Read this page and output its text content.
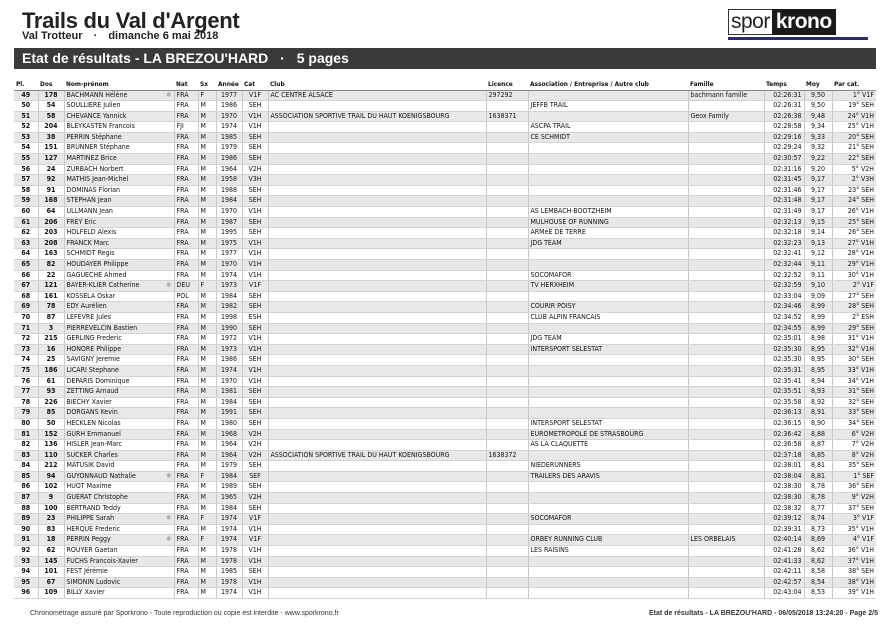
Trails du Val d'Argent
Val Trotteur · dimanche 6 mai 2018
spor krono
Etat de résultats - LA BREZOU'HARD · 5 pages
Pl.	Dos	Nom-prénom	Nat	Sx	Année	Cat	Club	Licence	Association / Entreprise / Autre club	Famille	Temps	Moy	Par cat.
49	178	BACHMANN Hélène ✱	FRA	F	1977	V1F	AC CENTRE ALSACE	297292		bachmann famille	02:26:31	9,50	1° V1F
50	54	SOULLIERE Julien	FRA	M	1986	SEH			JEFFB TRAIL		02:26:31	9,50	19° SEH
51	58	CHEVANCE Yannick	FRA	M	1970	V1H	ASSOCIATION SPORTIVE TRAIL DU HAUT KOENIGSBOURG	1638371		Geox Family	02:26:38	9,48	24° V1H
52	204	BLEYKASTEN Francois	FJI	M	1974	V1H			ASCPA TRAIL		02:28:58	9,34	25° V1H
53	38	PERRIN Stéphane	FRA	M	1985	SEH			CE SCHMIDT		02:29:16	9,33	20° SEH
54	151	BRUNNER Stéphane	FRA	M	1979	SEH					02:29:24	9,32	21° SEH
55	127	MARTINEZ Brice	FRA	M	1986	SEH					02:30:57	9,22	22° SEH
56	24	ZURBACH Norbert	FRA	M	1964	V2H					02:31:16	9,20	5° V2H
57	92	MATHIS Jean-Michel	FRA	M	1958	V3H					02:31:45	9,17	2° V3H
58	91	DOMINAS Florian	FRA	M	1988	SEH					02:31:46	9,17	23° SEH
59	168	STEPHAN Jean	FRA	M	1984	SEH					02:31:48	9,17	24° SEH
60	64	ULLMANN Jean	FRA	M	1970	V1H			AS LEMBACH-BOOTZHEIM		02:31:49	9,17	26° V1H
61	206	FREY Eric	FRA	M	1987	SEH			MULHOUSE OF RUNNING		02:32:13	9,15	25° SEH
62	203	HOLFELD Alexis	FRA	M	1995	SEH			ARMéE DE TERRE		02:32:18	9,14	26° SEH
63	208	FRANCK Marc	FRA	M	1975	V1H			JDG TEAM		02:32:23	9,13	27° V1H
64	163	SCHMIDT Regis	FRA	M	1977	V1H					02:32:41	9,12	28° V1H
65	82	HOUDAYER Philippe	FRA	M	1970	V1H					02:32:44	9,11	29° V1H
66	22	GAGUECHE Ahmed	FRA	M	1974	V1H			SOCOMAFOR		02:32:52	9,11	30° V1H
67	121	BAYER-KLIER Catherine ✱	DEU	F	1973	V1F			TV HERXHEIM		02:32:59	9,10	2° V1F
68	161	KOSSELA Oskar	POL	M	1984	SEH					02:33:04	9,09	27° SEH
69	78	EDY Aurélien	FRA	M	1982	SEH			COURIR POISY		02:34:46	8,99	28° SEH
70	87	LEFEVRE Jules	FRA	M	1998	ESH			CLUB ALPIN FRANCAIS		02:34:52	8,99	2° ESH
71	3	PIERREVELCIN Bastien	FRA	M	1990	SEH					02:34:55	8,99	29° SEH
72	215	GERLING Frederic	FRA	M	1972	V1H			JDG TEAM		02:35:01	8,98	31° V1H
73	16	HONORE Philippe	FRA	M	1973	V1H			INTERSPORT SELESTAT		02:35:30	8,95	32° V1H
74	25	SAVIGNY Jeremie	FRA	M	1986	SEH					02:35:30	8,95	30° SEH
75	186	LICARI Stephane	FRA	M	1974	V1H					02:35:31	8,95	33° V1H
76	61	DEPARIS Dominique	FRA	M	1970	V1H					02:35:41	8,94	34° V1H
77	93	ZETTING Arnaud	FRA	M	1981	SEH					02:35:51	8,93	31° SEH
78	226	BIECHY Xavier	FRA	M	1984	SEH					02:35:58	8,92	32° SEH
79	85	DORGANS Kevin	FRA	M	1991	SEH					02:36:13	8,91	33° SEH
80	50	HECKLEN Nicolas	FRA	M	1980	SEH			INTERSPORT SELESTAT		02:36:15	8,90	34° SEH
81	152	GURH Emmanuel	FRA	M	1968	V2H			EUROMETROPOLE DE STRASBOURG		02:36:42	8,88	6° V2H
82	136	HISLER Jean-Marc	FRA	M	1964	V2H			AS LA CLAQUETTE		02:36:58	8,87	7° V2H
83	110	SUCKER Charles	FRA	M	1964	V2H	ASSOCIATION SPORTIVE TRAIL DU HAUT KOENIGSBOURG	1638372			02:37:18	8,85	8° V2H
84	212	MATUSIK David	FRA	M	1979	SEH			NIEDERUNNERS		02:38:01	8,81	35° SEH
85	94	GUYONNAUD Nathalie ✱	FRA	F	1984	SEF			TRAILERS DES ARAVIS		02:38:04	8,81	1° SEF
86	102	HUOT Maxime	FRA	M	1989	SEH					02:38:30	8,78	36° SEH
87	9	GUERAT Christophe	FRA	M	1965	V2H					02:38:30	8,78	9° V2H
88	100	BERTRAND Teddy	FRA	M	1984	SEH					02:38:32	8,77	37° SEH
89	23	PHILIPPE Sarah ✱	FRA	F	1974	V1F			SOCOMAFOR		02:39:12	8,74	3° V1F
90	83	HERQUE Frederic	FRA	M	1974	V1H					02:39:31	8,73	35° V1H
91	18	PERRIN Peggy ✱	FRA	F	1974	V1F			ORBEY RUNNING CLUB	LES ORBELAIS	02:40:14	8,69	4° V1F
92	62	ROUYER Gaetan	FRA	M	1978	V1H			LES RAISINS		02:41:28	8,62	36° V1H
93	145	FUCHS Francois-Xavier	FRA	M	1978	V1H					02:41:33	8,62	37° V1H
94	101	FEST Jérémie	FRA	M	1985	SEH					02:42:11	8,58	38° SEH
95	67	SIMONIN Ludovic	FRA	M	1978	V1H					02:42:57	8,54	38° V1H
96	109	BILLY Xavier	FRA	M	1974	V1H					02:43:04	8,53	39° V1H
Chronométrage assuré par Sporkrono - Toute reproduction ou copie est interdite - www.sporkrono.fr	Etat de résultats - LA BREZOU'HARD - 06/05/2018 13:24:20 - Page 2/5
